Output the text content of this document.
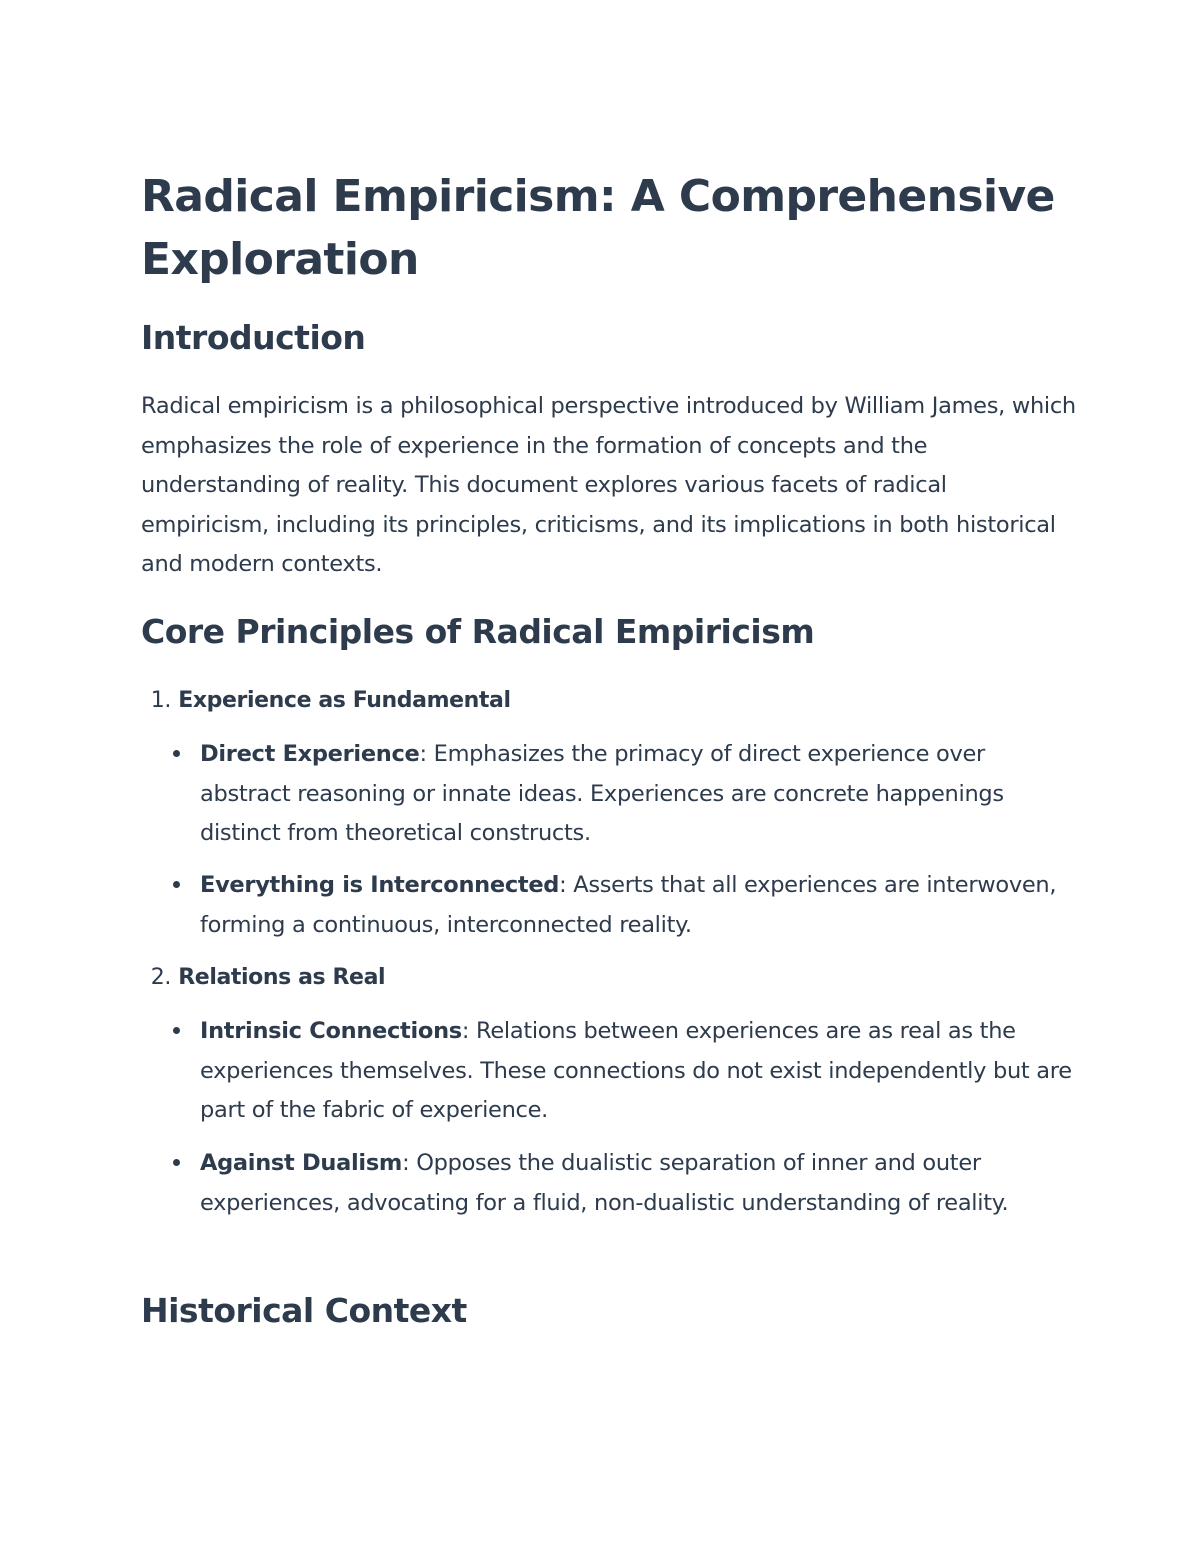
Radical Empiricism: A Comprehensive Exploration
Introduction

Radical empiricism is a philosophical perspective introduced by William James, which emphasizes the role of experience in the formation of concepts and the understanding of reality. This document explores various facets of radical empiricism, including its principles, criticisms, and its implications in both historical and modern contexts.

Core Principles of Radical Empiricism
1. Experience as Fundamental
Direct Experience: Emphasizes the primacy of direct experience over abstract reasoning or innate ideas. Experiences are concrete happenings distinct from theoretical constructs.
Everything is Interconnected: Asserts that all experiences are interwoven, forming a continuous, interconnected reality.
2. Relations as Real
Intrinsic Connections: Relations between experiences are as real as the experiences themselves. These connections do not exist independently but are part of the fabric of experience.
Against Dualism: Opposes the dualistic separation of inner and outer experiences, advocating for a fluid, non-dualistic understanding of reality.
Historical Context
